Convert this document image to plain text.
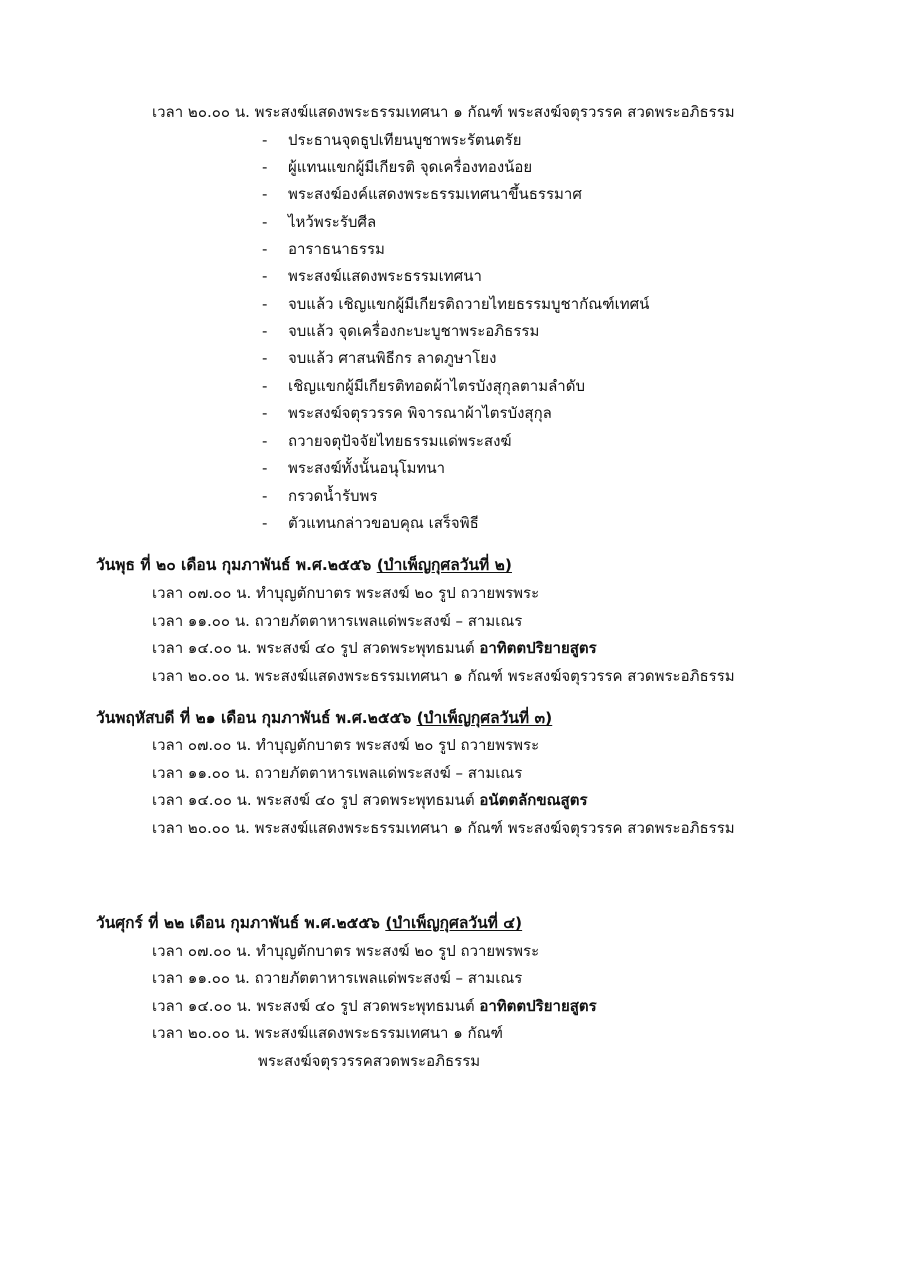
เวลา ๒๐.๐๐ น. พระสงฆ์แสดงพระธรรมเทศนา ๑ กัณฑ์ พระสงฆ์จตุรวรรค สวดพระอภิธรรม
- ประธานจุดธูปเทียนบูชาพระรัตนตรัย
- ผู้แทนแขกผู้มีเกียรติ จุดเครื่องทองน้อย
- พระสงฆ์องค์แสดงพระธรรมเทศนาขึ้นธรรมาศ
- ไหว้พระรับศีล
- อาราธนาธรรม
- พระสงฆ์แสดงพระธรรมเทศนา
- จบแล้ว เชิญแขกผู้มีเกียรติถวายไทยธรรมบูชากัณฑ์เทศน์
- จบแล้ว จุดเครื่องกะบะบูชาพระอภิธรรม
- จบแล้ว ศาสนพิธีกร ลาดภูษาโยง
- เชิญแขกผู้มีเกียรติทอดผ้าไตรบังสุกุลตามลำดับ
- พระสงฆ์จตุรวรรค พิจารณาผ้าไตรบังสุกุล
- ถวายจตุปัจจัยไทยธรรมแด่พระสงฆ์
- พระสงฆ์ทั้งนั้นอนุโมทนา
- กรวดน้ำรับพร
- ตัวแทนกล่าวขอบคุณ เสร็จพิธี
วันพุธ ที่ ๒๐ เดือน กุมภาพันธ์ พ.ศ.๒๕๕๖ (บำเพ็ญกุศลวันที่ ๒)
เวลา ๐๗.๐๐ น. ทำบุญตักบาตร พระสงฆ์ ๒๐ รูป ถวายพรพระ
เวลา ๑๑.๐๐ น. ถวายภัตตาหารเพลแด่พระสงฆ์ – สามเณร
เวลา ๑๔.๐๐ น. พระสงฆ์ ๔๐ รูป สวดพระพุทธมนต์ อาทิตตปริยายสูตร
เวลา ๒๐.๐๐ น. พระสงฆ์แสดงพระธรรมเทศนา ๑ กัณฑ์ พระสงฆ์จตุรวรรค สวดพระอภิธรรม
วันพฤหัสบดี ที่ ๒๑ เดือน กุมภาพันธ์ พ.ศ.๒๕๕๖ (บำเพ็ญกุศลวันที่ ๓)
เวลา ๐๗.๐๐ น. ทำบุญตักบาตร พระสงฆ์ ๒๐ รูป ถวายพรพระ
เวลา ๑๑.๐๐ น. ถวายภัตตาหารเพลแด่พระสงฆ์ – สามเณร
เวลา ๑๔.๐๐ น. พระสงฆ์ ๔๐ รูป สวดพระพุทธมนต์ อนัตตลักขณสูตร
เวลา ๒๐.๐๐ น. พระสงฆ์แสดงพระธรรมเทศนา ๑ กัณฑ์ พระสงฆ์จตุรวรรค สวดพระอภิธรรม
วันศุกร์ ที่ ๒๒ เดือน กุมภาพันธ์ พ.ศ.๒๕๕๖ (บำเพ็ญกุศลวันที่ ๔)
เวลา ๐๗.๐๐ น. ทำบุญตักบาตร พระสงฆ์ ๒๐ รูป ถวายพรพระ
เวลา ๑๑.๐๐ น. ถวายภัตตาหารเพลแด่พระสงฆ์ – สามเณร
เวลา ๑๔.๐๐ น. พระสงฆ์ ๔๐ รูป สวดพระพุทธมนต์ อาทิตตปริยายสูตร
เวลา ๒๐.๐๐ น. พระสงฆ์แสดงพระธรรมเทศนา ๑ กัณฑ์
พระสงฆ์จตุรวรรคสวดพระอภิธรรม
